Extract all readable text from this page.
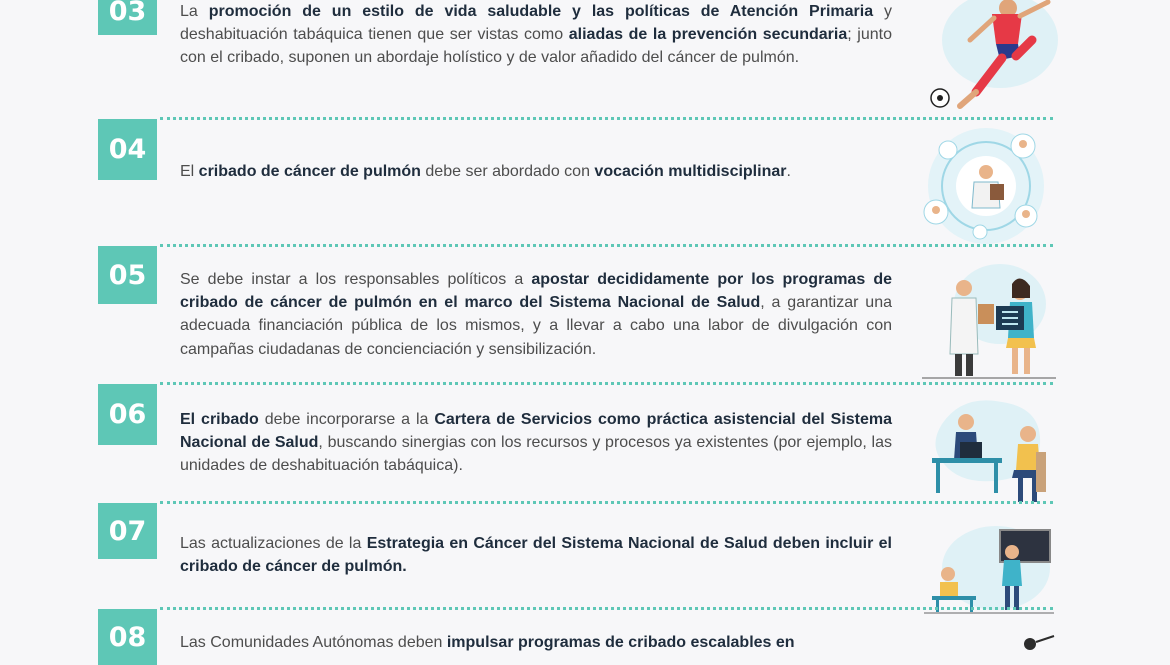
03	La promoción de un estilo de vida saludable y las políticas de Atención Primaria y deshabituación tabáquica tienen que ser vistas como aliadas de la prevención secundaria; junto con el cribado, suponen un abordaje holístico y de valor añadido del cáncer de pulmón.
04
El cribado de cáncer de pulmón debe ser abordado con vocación multidisciplinar.
05	Se debe instar a los responsables políticos a apostar decididamente por los programas de cribado de cáncer de pulmón en el marco del Sistema Nacional de Salud, a garantizar una adecuada financiación pública de los mismos, y a llevar a cabo una labor de divulgación con campañas ciudadanas de concienciación y sensibilización.
06	El cribado debe incorporarse a la Cartera de Servicios como práctica asistencial del Sistema Nacional de Salud, buscando sinergias con los recursos y procesos ya existentes (por ejemplo, las unidades de deshabituación tabáquica).
07	Las actualizaciones de la Estrategia en Cáncer del Sistema Nacional de Salud deben incluir el cribado de cáncer de pulmón.
08	Las Comunidades Autónomas deben impulsar programas de cribado escalables en
